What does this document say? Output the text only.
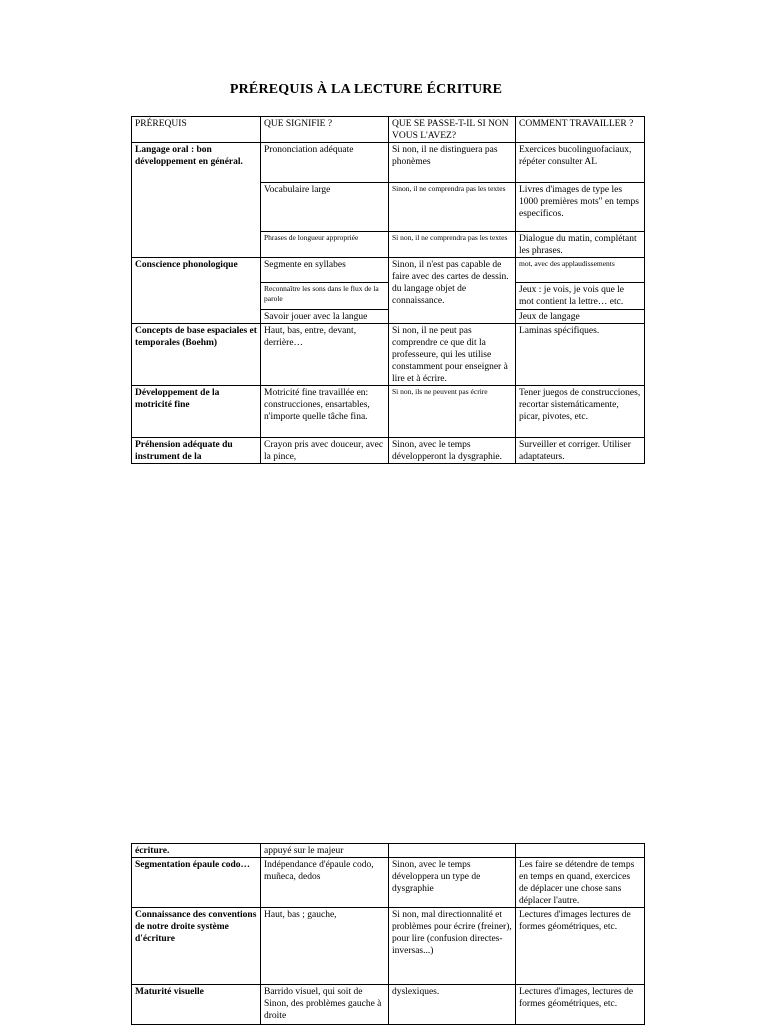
PRÉREQUIS À LA LECTURE ÉCRITURE
PRÉREQUIS	QUE SIGNIFIE ?	QUE SE PASSE-T-IL SI NON VOUS L'AVEZ?	COMMENT TRAVAILLER ?
Langage oral : bon développement en général.	Prononciation adéquate	Si non, il ne distinguera pas phonèmes	Exercices bucolinguofaciaux, répéter consulter AL
	Vocabulaire large	Sinon, il ne comprendra pas les textes	Livres d'images de type les 1000 premières mots" en temps específicos.
	Phrases de longueur appropriée	Si non, il ne comprendra pas les textes	Dialogue du matin, complétant les phrases.
Conscience phonologique	Segmente en syllabes	Sinon, il n'est pas capable de faire avec des cartes de dessin. du langage objet de connaissance.	mot, avec des applaudissements
	Reconnaître les sons dans le flux de la parole		Jeux : je vois, je vois que le mot contient la lettre… etc.
	Savoir jouer avec la langue		Jeux de langage
Concepts de base espaciales et temporales (Boehm)	Haut, bas, entre, devant, derrière…	Si non, il ne peut pas comprendre ce que dit la professeure, qui les utilise constamment pour enseigner à lire et à écrire.	Laminas spécifiques.
Développement de la motricité fine	Motricité fine travaillée en: construcciones, ensartables, n'importe quelle tâche fina.	Si non, ils ne peuvent pas écrire	Tener juegos de construcciones, recortar sistemáticamente, picar, pivotes, etc.
Préhension adéquate du instrument de la	Crayon pris avec douceur, avec la pince,	Sinon, avec le temps développeront la dysgraphie.	Surveiller et corriger. Utiliser adaptateurs.
écriture.	appuyé sur le majeur		
Segmentation épaule codo…	Indépendance d'épaule codo, muñeca, dedos	Sinon, avec le temps développera un type de dysgraphie	Les faire se détendre de temps en temps en quand, exercices de déplacer une chose sans déplacer l'autre.
Connaissance des conventions de notre droite système d'écriture	Haut, bas ; gauche,	Si non, mal directionnalité et problèmes pour écrire (freiner), pour lire (confusion directes-inversas...)	Lectures d'images lectures de formes géométriques, etc.
Maturité visuelle	Barrido visuel, qui soit de Sinon, des problèmes gauche à droite	dyslexiques.	Lectures d'images, lectures de formes géométriques, etc.
